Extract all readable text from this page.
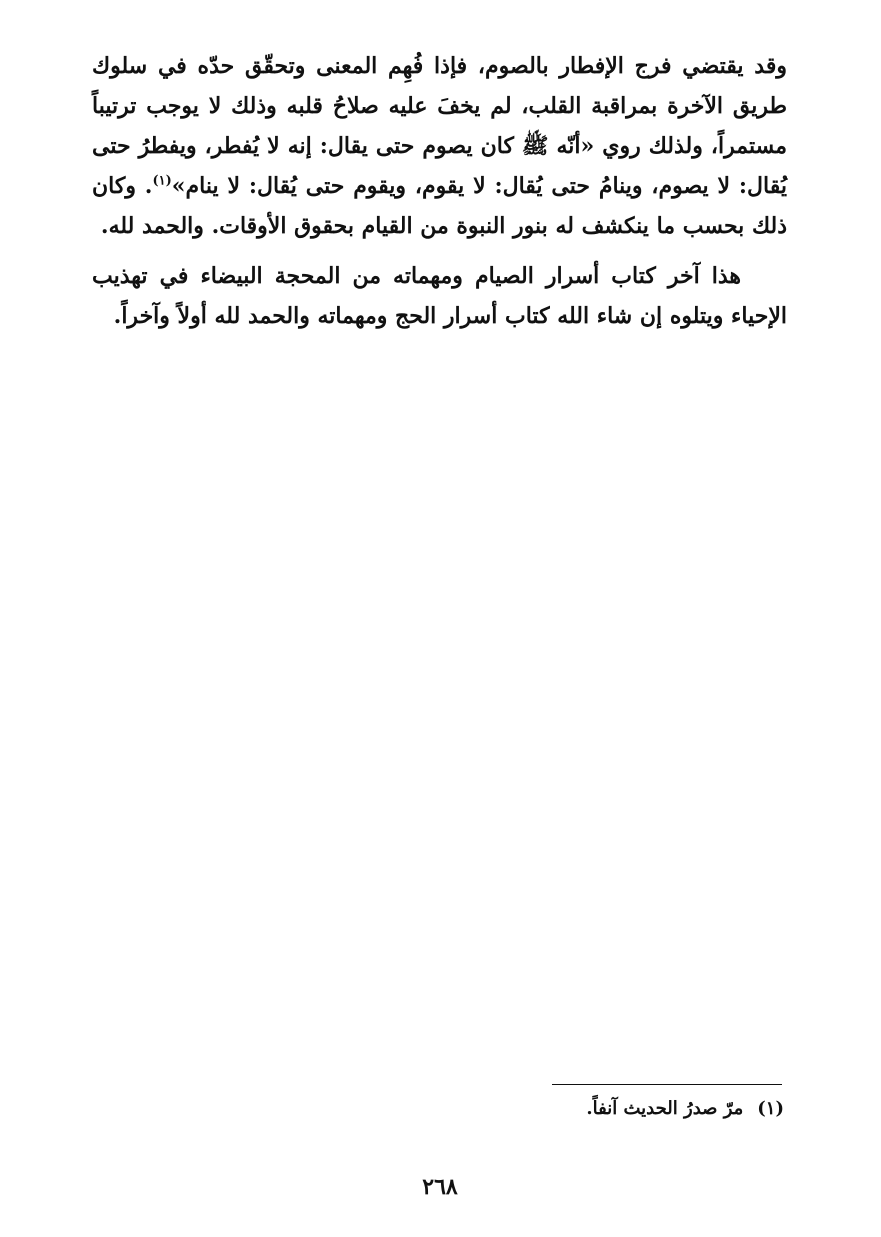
وقد يقتضي فرج الإفطار بالصوم، فإذا فُهِم المعنى وتحقّق حدّه في سلوك طريق الآخرة بمراقبة القلب، لم يخفَ عليه صلاحُ قلبه وذلك لا يوجب ترتيباً مستمراً، ولذلك روي «أنّه ﷺ كان يصوم حتى يقال: إنه لا يُفطر، ويفطرُ حتى يُقال: لا يصوم، وينامُ حتى يُقال: لا يقوم، ويقوم حتى يُقال: لا ينام»$^{(١)}$. وكان ذلك بحسب ما ينكشف له بنور النبوة من القيام بحقوق الأوقات. والحمد لله.

هذا آخر كتاب أسرار الصيام ومهماته من المحجة البيضاء في تهذيب الإحياء ويتلوه إن شاء الله كتاب أسرار الحج ومهماته والحمد لله أولاً وآخراً.

(١)مرّ صدرُ الحديث آنفاً.
٢٦٨
